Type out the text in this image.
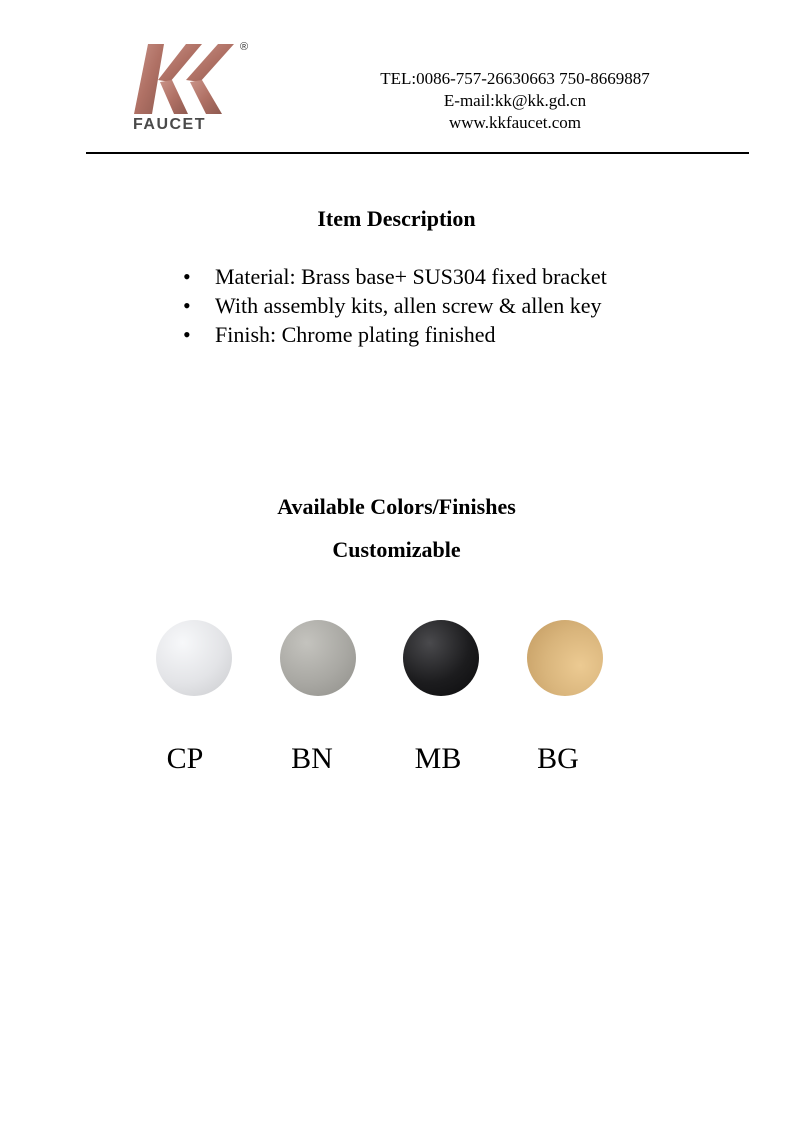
®
FAUCET
TEL:0086-757-26630663 750-8669887
E-mail:kk@kk.gd.cn
www.kkfaucet.com
Item Description
• Material: Brass base+ SUS304 fixed bracket
• With assembly kits, allen screw & allen key
• Finish: Chrome plating finished
Available Colors/Finishes
Customizable
CP	BN	MB	BG
